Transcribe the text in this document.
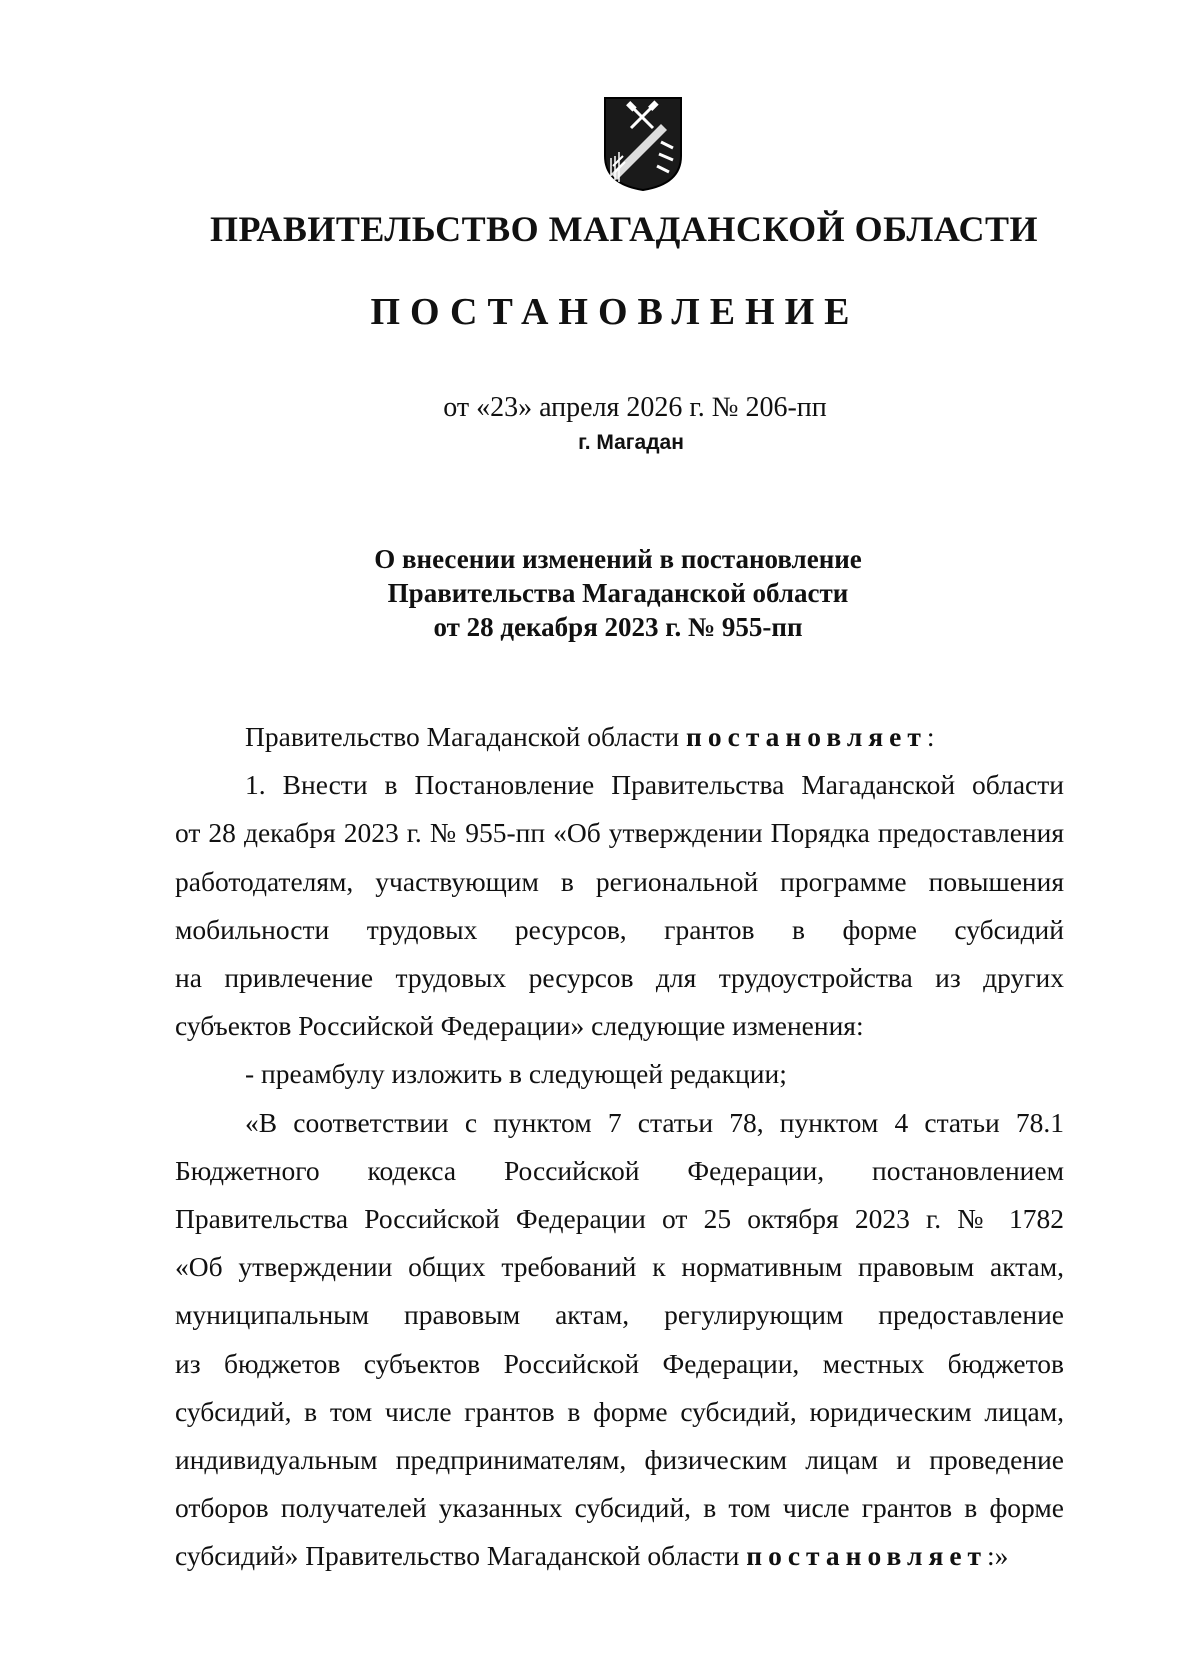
ПРАВИТЕЛЬСТВО МАГАДАНСКОЙ ОБЛАСТИ
ПОСТАНОВЛЕНИЕ
от «23» апреля 2026 г. № 206-пп
г. Магадан
О внесении изменений в постановление
Правительства Магаданской области
от 28 декабря 2023 г. № 955-пп

Правительство Магаданской области постановляет:

1. Внести в Постановление Правительства Магаданской области
от 28 декабря 2023 г. № 955-пп «Об утверждении Порядка предоставления
работодателям, участвующим в региональной программе повышения
мобильности трудовых ресурсов, грантов в форме субсидий
на привлечение трудовых ресурсов для трудоустройства из других
субъектов Российской Федерации» следующие изменения:

- преамбулу изложить в следующей редакции;

«В соответствии с пунктом 7 статьи 78, пунктом 4 статьи 78.1
Бюджетного кодекса Российской Федерации, постановлением
Правительства Российской Федерации от 25 октября 2023 г. № 1782
«Об утверждении общих требований к нормативным правовым актам,
муниципальным правовым актам, регулирующим предоставление
из бюджетов субъектов Российской Федерации, местных бюджетов
субсидий, в том числе грантов в форме субсидий, юридическим лицам,
индивидуальным предпринимателям, физическим лицам и проведение
отборов получателей указанных субсидий, в том числе грантов в форме
субсидий» Правительство Магаданской области постановляет:»
